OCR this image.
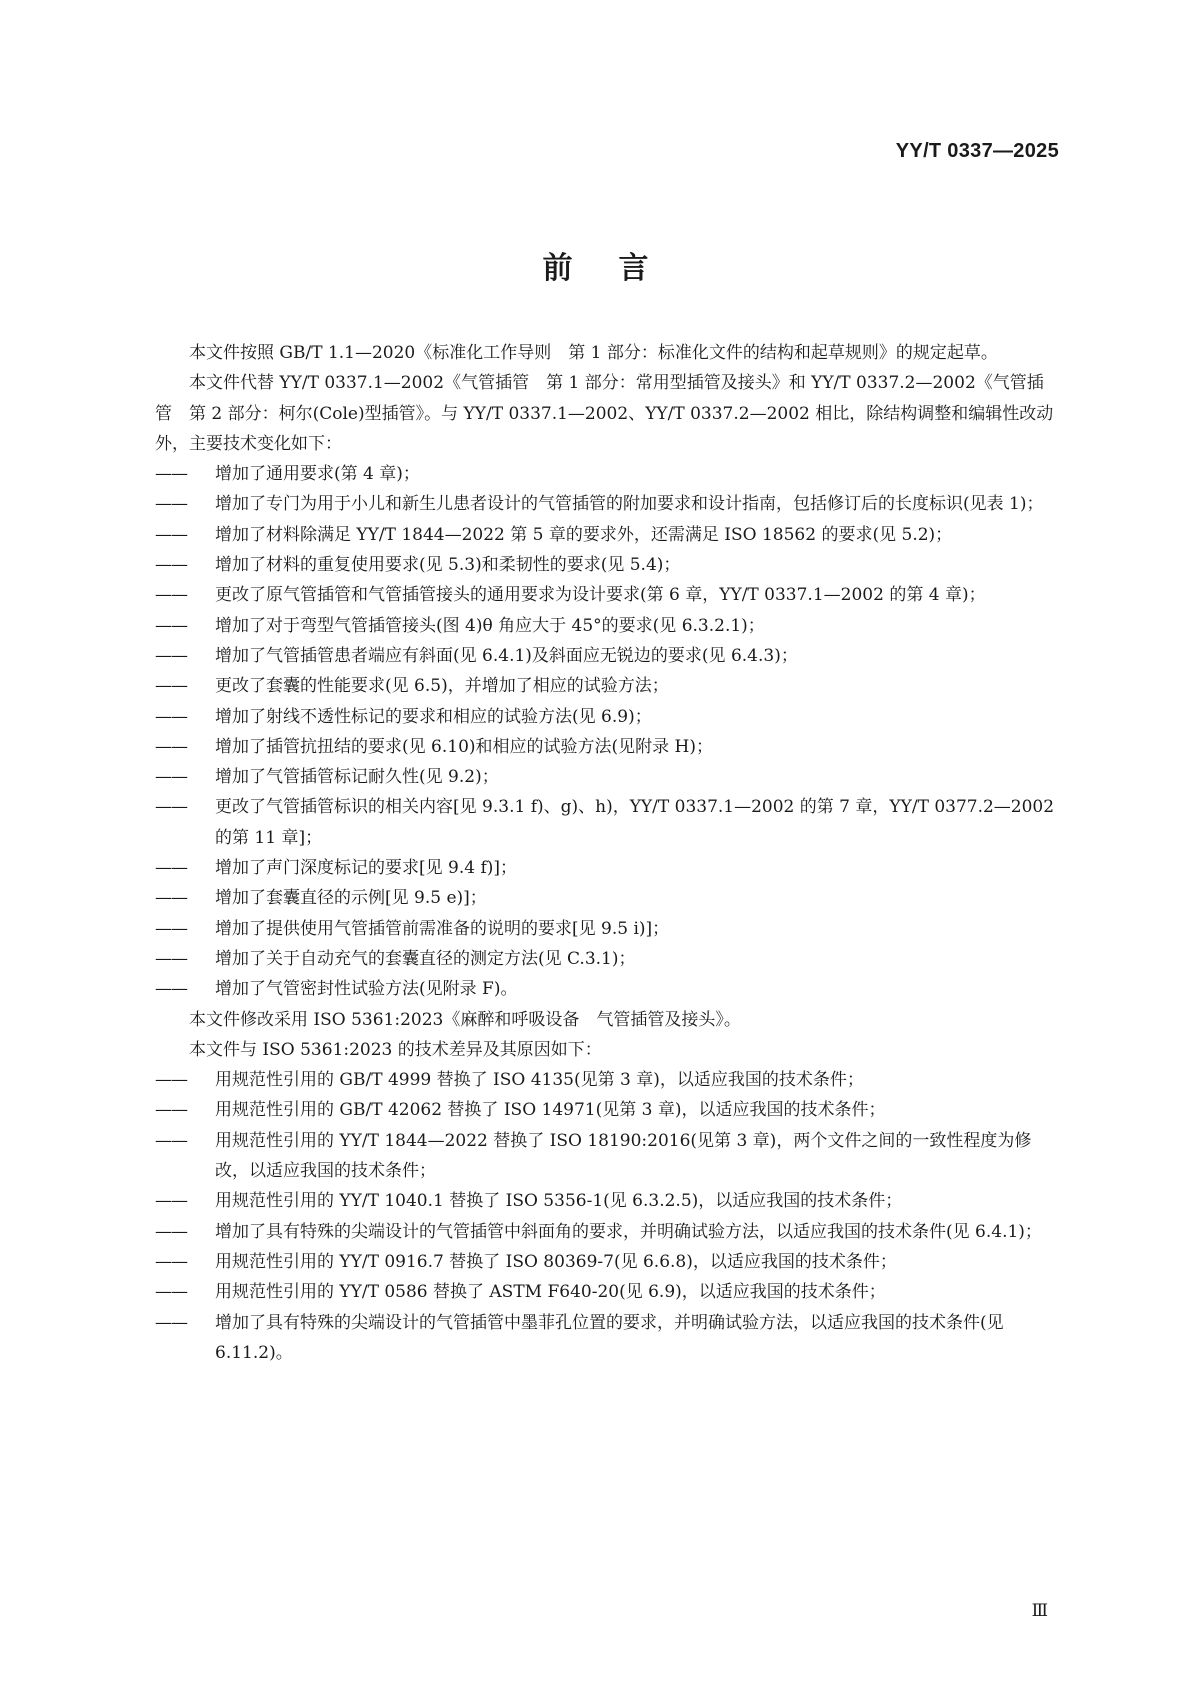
YY/T 0337—2025
前言

本文件按照 GB/T 1.1—2020《标准化工作导则　第 1 部分：标准化文件的结构和起草规则》的规定起草。

本文件代替 YY/T 0337.1—2002《气管插管　第 1 部分：常用型插管及接头》和 YY/T 0337.2—2002《气管插管　第 2 部分：柯尔(Cole)型插管》。与 YY/T 0337.1—2002、YY/T 0337.2—2002 相比，除结构调整和编辑性改动外，主要技术变化如下：

—— 增加了通用要求(第 4 章)；

—— 增加了专门为用于小儿和新生儿患者设计的气管插管的附加要求和设计指南，包括修订后的长度标识(见表 1)；

—— 增加了材料除满足 YY/T 1844—2022 第 5 章的要求外，还需满足 ISO 18562 的要求(见 5.2)；

—— 增加了材料的重复使用要求(见 5.3)和柔韧性的要求(见 5.4)；

—— 更改了原气管插管和气管插管接头的通用要求为设计要求(第 6 章，YY/T 0337.1—2002 的第 4 章)；

—— 增加了对于弯型气管插管接头(图 4)θ 角应大于 45°的要求(见 6.3.2.1)；

—— 增加了气管插管患者端应有斜面(见 6.4.1)及斜面应无锐边的要求(见 6.4.3)；

—— 更改了套囊的性能要求(见 6.5)，并增加了相应的试验方法；

—— 增加了射线不透性标记的要求和相应的试验方法(见 6.9)；

—— 增加了插管抗扭结的要求(见 6.10)和相应的试验方法(见附录 H)；

—— 增加了气管插管标记耐久性(见 9.2)；

—— 更改了气管插管标识的相关内容[见 9.3.1 f)、g)、h)，YY/T 0337.1—2002 的第 7 章，YY/T 0377.2—2002的第 11 章]；

—— 增加了声门深度标记的要求[见 9.4 f)]；

—— 增加了套囊直径的示例[见 9.5 e)]；

—— 增加了提供使用气管插管前需准备的说明的要求[见 9.5 i)]；

—— 增加了关于自动充气的套囊直径的测定方法(见 C.3.1)；

—— 增加了气管密封性试验方法(见附录 F)。

本文件修改采用 ISO 5361:2023《麻醉和呼吸设备　气管插管及接头》。

本文件与 ISO 5361:2023 的技术差异及其原因如下：

—— 用规范性引用的 GB/T 4999 替换了 ISO 4135(见第 3 章)，以适应我国的技术条件；

—— 用规范性引用的 GB/T 42062 替换了 ISO 14971(见第 3 章)，以适应我国的技术条件；

—— 用规范性引用的 YY/T 1844—2022 替换了 ISO 18190:2016(见第 3 章)，两个文件之间的一致性程度为修改，以适应我国的技术条件；

—— 用规范性引用的 YY/T 1040.1 替换了 ISO 5356-1(见 6.3.2.5)，以适应我国的技术条件；

—— 增加了具有特殊的尖端设计的气管插管中斜面角的要求，并明确试验方法，以适应我国的技术条件(见 6.4.1)；

—— 用规范性引用的 YY/T 0916.7 替换了 ISO 80369-7(见 6.6.8)，以适应我国的技术条件；

—— 用规范性引用的 YY/T 0586 替换了 ASTM F640-20(见 6.9)，以适应我国的技术条件；

—— 增加了具有特殊的尖端设计的气管插管中墨菲孔位置的要求，并明确试验方法，以适应我国的技术条件(见 6.11.2)。

Ⅲ
